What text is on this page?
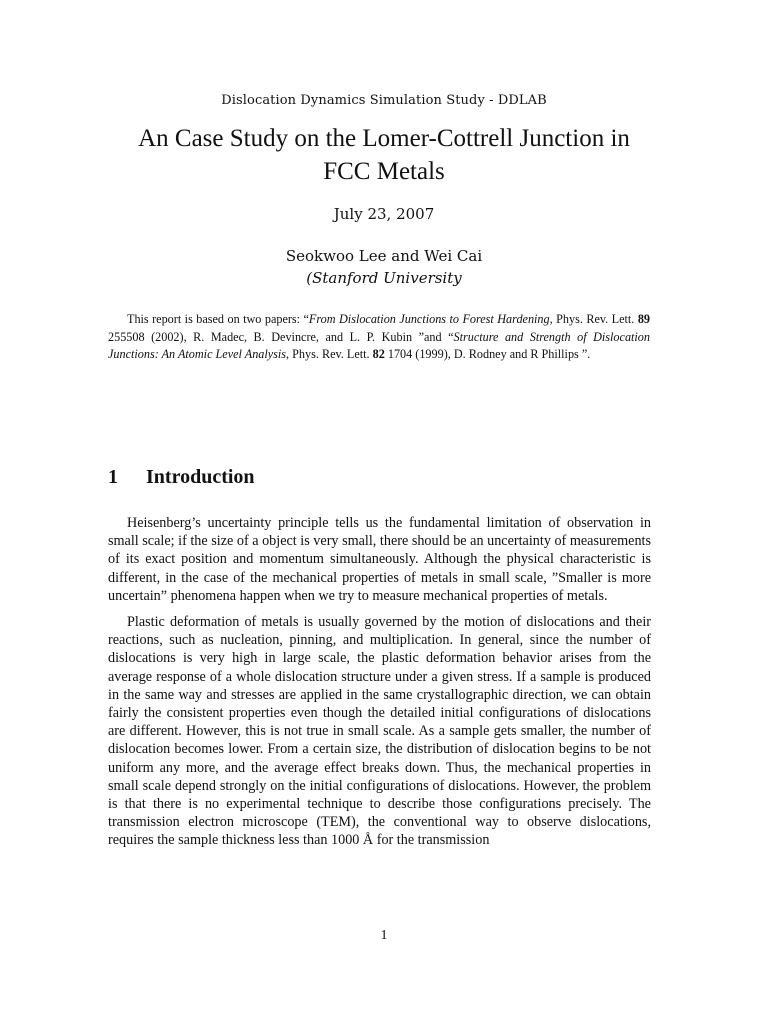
Dislocation Dynamics Simulation Study - DDLAB
An Case Study on the Lomer-Cottrell Junction in
FCC Metals
July 23, 2007
Seokwoo Lee and Wei Cai
(Stanford University

This report is based on two papers: “From Dislocation Junctions to Forest Hardening, Phys. Rev. Lett. 89 255508 (2002), R. Madec, B. Devincre, and L. P. Kubin ”and “Structure and Strength of Dislocation Junctions: An Atomic Level Analysis, Phys. Rev. Lett. 82 1704 (1999), D. Rodney and R Phillips ”.

1 Introduction

Heisenberg’s uncertainty principle tells us the fundamental limitation of observation in small scale; if the size of a object is very small, there should be an uncertainty of measurements of its exact position and momentum simultaneously. Although the physical characteristic is different, in the case of the mechanical properties of metals in small scale, ”Smaller is more uncertain” phenomena happen when we try to measure mechanical properties of metals.

Plastic deformation of metals is usually governed by the motion of dislocations and their reactions, such as nucleation, pinning, and multiplication. In general, since the number of dislocations is very high in large scale, the plastic deformation behavior arises from the average response of a whole dislocation structure under a given stress. If a sample is produced in the same way and stresses are applied in the same crystallographic direction, we can obtain fairly the consistent properties even though the detailed initial configurations of dislocations are different. However, this is not true in small scale. As a sample gets smaller, the number of dislocation becomes lower. From a certain size, the distribution of dislocation begins to be not uniform any more, and the average effect breaks down. Thus, the mechanical properties in small scale depend strongly on the initial configurations of dislocations. However, the problem is that there is no experimental technique to describe those configurations precisely. The transmission electron microscope (TEM), the conventional way to observe dislocations, requires the sample thickness less than 1000 Å for the transmission

1
